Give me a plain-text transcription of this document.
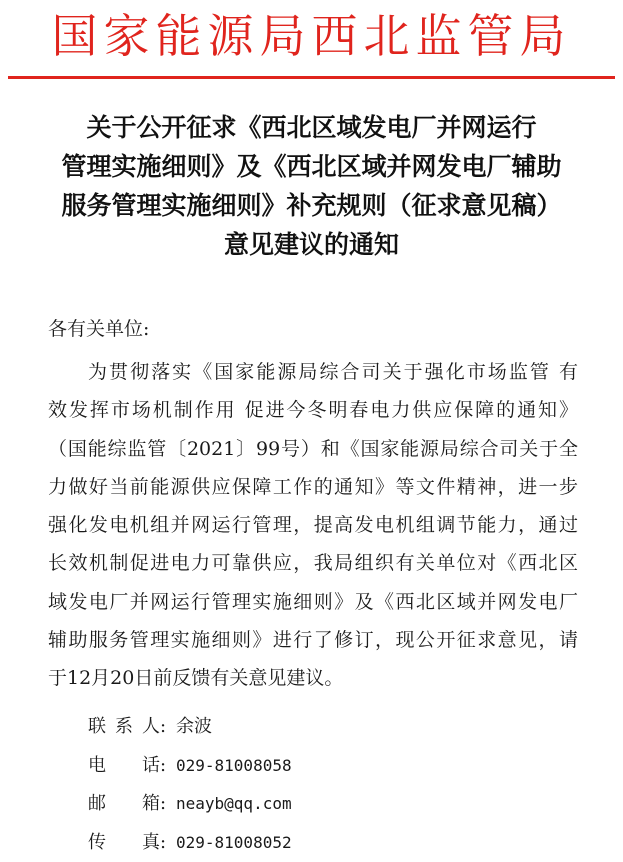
国家能源局西北监管局
关于公开征求《西北区域发电厂并网运行
管理实施细则》及《西北区域并网发电厂辅助
服务管理实施细则》补充规则（征求意见稿）
意见建议的通知
各有关单位:
为贯彻落实《国家能源局综合司关于强化市场监管 有
效发挥市场机制作用 促进今冬明春电力供应保障的通知》
（国能综监管〔2021〕99号）和《国家能源局综合司关于全
力做好当前能源供应保障工作的通知》等文件精神，进一步
强化发电机组并网运行管理，提高发电机组调节能力，通过
长效机制促进电力可靠供应，我局组织有关单位对《西北区
域发电厂并网运行管理实施细则》及《西北区域并网发电厂
辅助服务管理实施细则》进行了修订，现公开征求意见，请
于12月20日前反馈有关意见建议。
联系人 : 余波
电话 : 029-81008058
邮箱 : neayb@qq.com
传真 : 029-81008052
